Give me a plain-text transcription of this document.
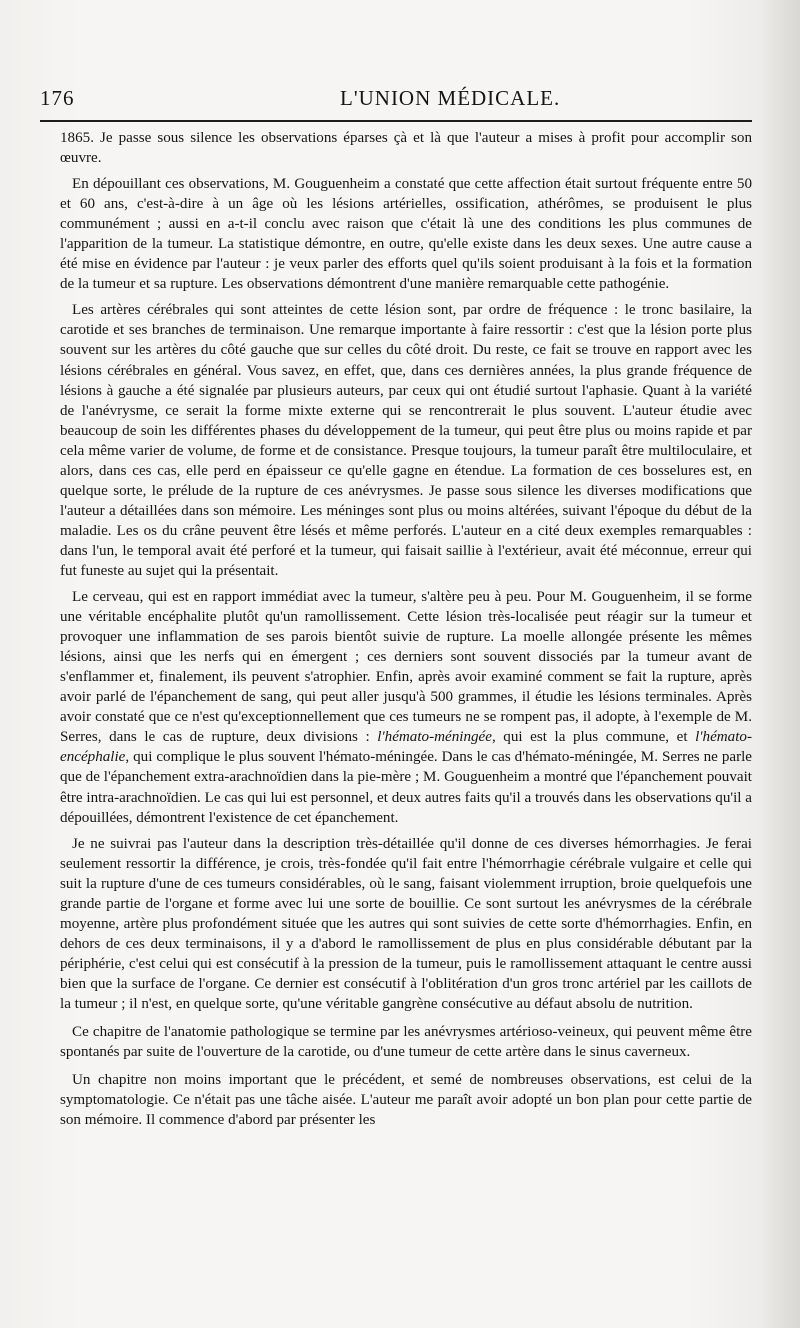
176	L'UNION MÉDICALE.

1865. Je passe sous silence les observations éparses çà et là que l'auteur a mises à profit pour accomplir son œuvre.

En dépouillant ces observations, M. Gouguenheim a constaté que cette affection était surtout fréquente entre 50 et 60 ans, c'est-à-dire à un âge où les lésions artérielles, ossification, athérômes, se produisent le plus communément ; aussi en a-t-il conclu avec raison que c'était là une des conditions les plus communes de l'apparition de la tumeur. La statistique démontre, en outre, qu'elle existe dans les deux sexes. Une autre cause a été mise en évidence par l'auteur : je veux parler des efforts quel qu'ils soient produisant à la fois et la formation de la tumeur et sa rupture. Les observations démontrent d'une manière remarquable cette pathogénie.

Les artères cérébrales qui sont atteintes de cette lésion sont, par ordre de fréquence : le tronc basilaire, la carotide et ses branches de terminaison. Une remarque importante à faire ressortir : c'est que la lésion porte plus souvent sur les artères du côté gauche que sur celles du côté droit. Du reste, ce fait se trouve en rapport avec les lésions cérébrales en général. Vous savez, en effet, que, dans ces dernières années, la plus grande fréquence de lésions à gauche a été signalée par plusieurs auteurs, par ceux qui ont étudié surtout l'aphasie. Quant à la variété de l'anévrysme, ce serait la forme mixte externe qui se rencontrerait le plus souvent. L'auteur étudie avec beaucoup de soin les différentes phases du développement de la tumeur, qui peut être plus ou moins rapide et par cela même varier de volume, de forme et de consistance. Presque toujours, la tumeur paraît être multiloculaire, et alors, dans ces cas, elle perd en épaisseur ce qu'elle gagne en étendue. La formation de ces bosselures est, en quelque sorte, le prélude de la rupture de ces anévrysmes. Je passe sous silence les diverses modifications que l'auteur a détaillées dans son mémoire. Les méninges sont plus ou moins altérées, suivant l'époque du début de la maladie. Les os du crâne peuvent être lésés et même perforés. L'auteur en a cité deux exemples remarquables : dans l'un, le temporal avait été perforé et la tumeur, qui faisait saillie à l'extérieur, avait été méconnue, erreur qui fut funeste au sujet qui la présentait.

Le cerveau, qui est en rapport immédiat avec la tumeur, s'altère peu à peu. Pour M. Gouguenheim, il se forme une véritable encéphalite plutôt qu'un ramollissement. Cette lésion très-localisée peut réagir sur la tumeur et provoquer une inflammation de ses parois bientôt suivie de rupture. La moelle allongée présente les mêmes lésions, ainsi que les nerfs qui en émergent ; ces derniers sont souvent dissociés par la tumeur avant de s'enflammer et, finalement, ils peuvent s'atrophier. Enfin, après avoir examiné comment se fait la rupture, après avoir parlé de l'épanchement de sang, qui peut aller jusqu'à 500 grammes, il étudie les lésions terminales. Après avoir constaté que ce n'est qu'exceptionnellement que ces tumeurs ne se rompent pas, il adopte, à l'exemple de M. Serres, dans le cas de rupture, deux divisions : l'hémato-méningée, qui est la plus commune, et l'hémato-encéphalie, qui complique le plus souvent l'hémato-méningée. Dans le cas d'hémato-méningée, M. Serres ne parle que de l'épanchement extra-arachnoïdien dans la pie-mère ; M. Gouguenheim a montré que l'épanchement pouvait être intra-arachnoïdien. Le cas qui lui est personnel, et deux autres faits qu'il a trouvés dans les observations qu'il a dépouillées, démontrent l'existence de cet épanchement.

Je ne suivrai pas l'auteur dans la description très-détaillée qu'il donne de ces diverses hémorrhagies. Je ferai seulement ressortir la différence, je crois, très-fondée qu'il fait entre l'hémorrhagie cérébrale vulgaire et celle qui suit la rupture d'une de ces tumeurs considérables, où le sang, faisant violemment irruption, broie quelquefois une grande partie de l'organe et forme avec lui une sorte de bouillie. Ce sont surtout les anévrysmes de la cérébrale moyenne, artère plus profondément située que les autres qui sont suivies de cette sorte d'hémorrhagies. Enfin, en dehors de ces deux terminaisons, il y a d'abord le ramollissement de plus en plus considérable débutant par la périphérie, c'est celui qui est consécutif à la pression de la tumeur, puis le ramollissement attaquant le centre aussi bien que la surface de l'organe. Ce dernier est consécutif à l'oblitération d'un gros tronc artériel par les caillots de la tumeur ; il n'est, en quelque sorte, qu'une véritable gangrène consécutive au défaut absolu de nutrition.

Ce chapitre de l'anatomie pathologique se termine par les anévrysmes artérioso-veineux, qui peuvent même être spontanés par suite de l'ouverture de la carotide, ou d'une tumeur de cette artère dans le sinus caverneux.

Un chapitre non moins important que le précédent, et semé de nombreuses observations, est celui de la symptomatologie. Ce n'était pas une tâche aisée. L'auteur me paraît avoir adopté un bon plan pour cette partie de son mémoire. Il commence d'abord par présenter les
